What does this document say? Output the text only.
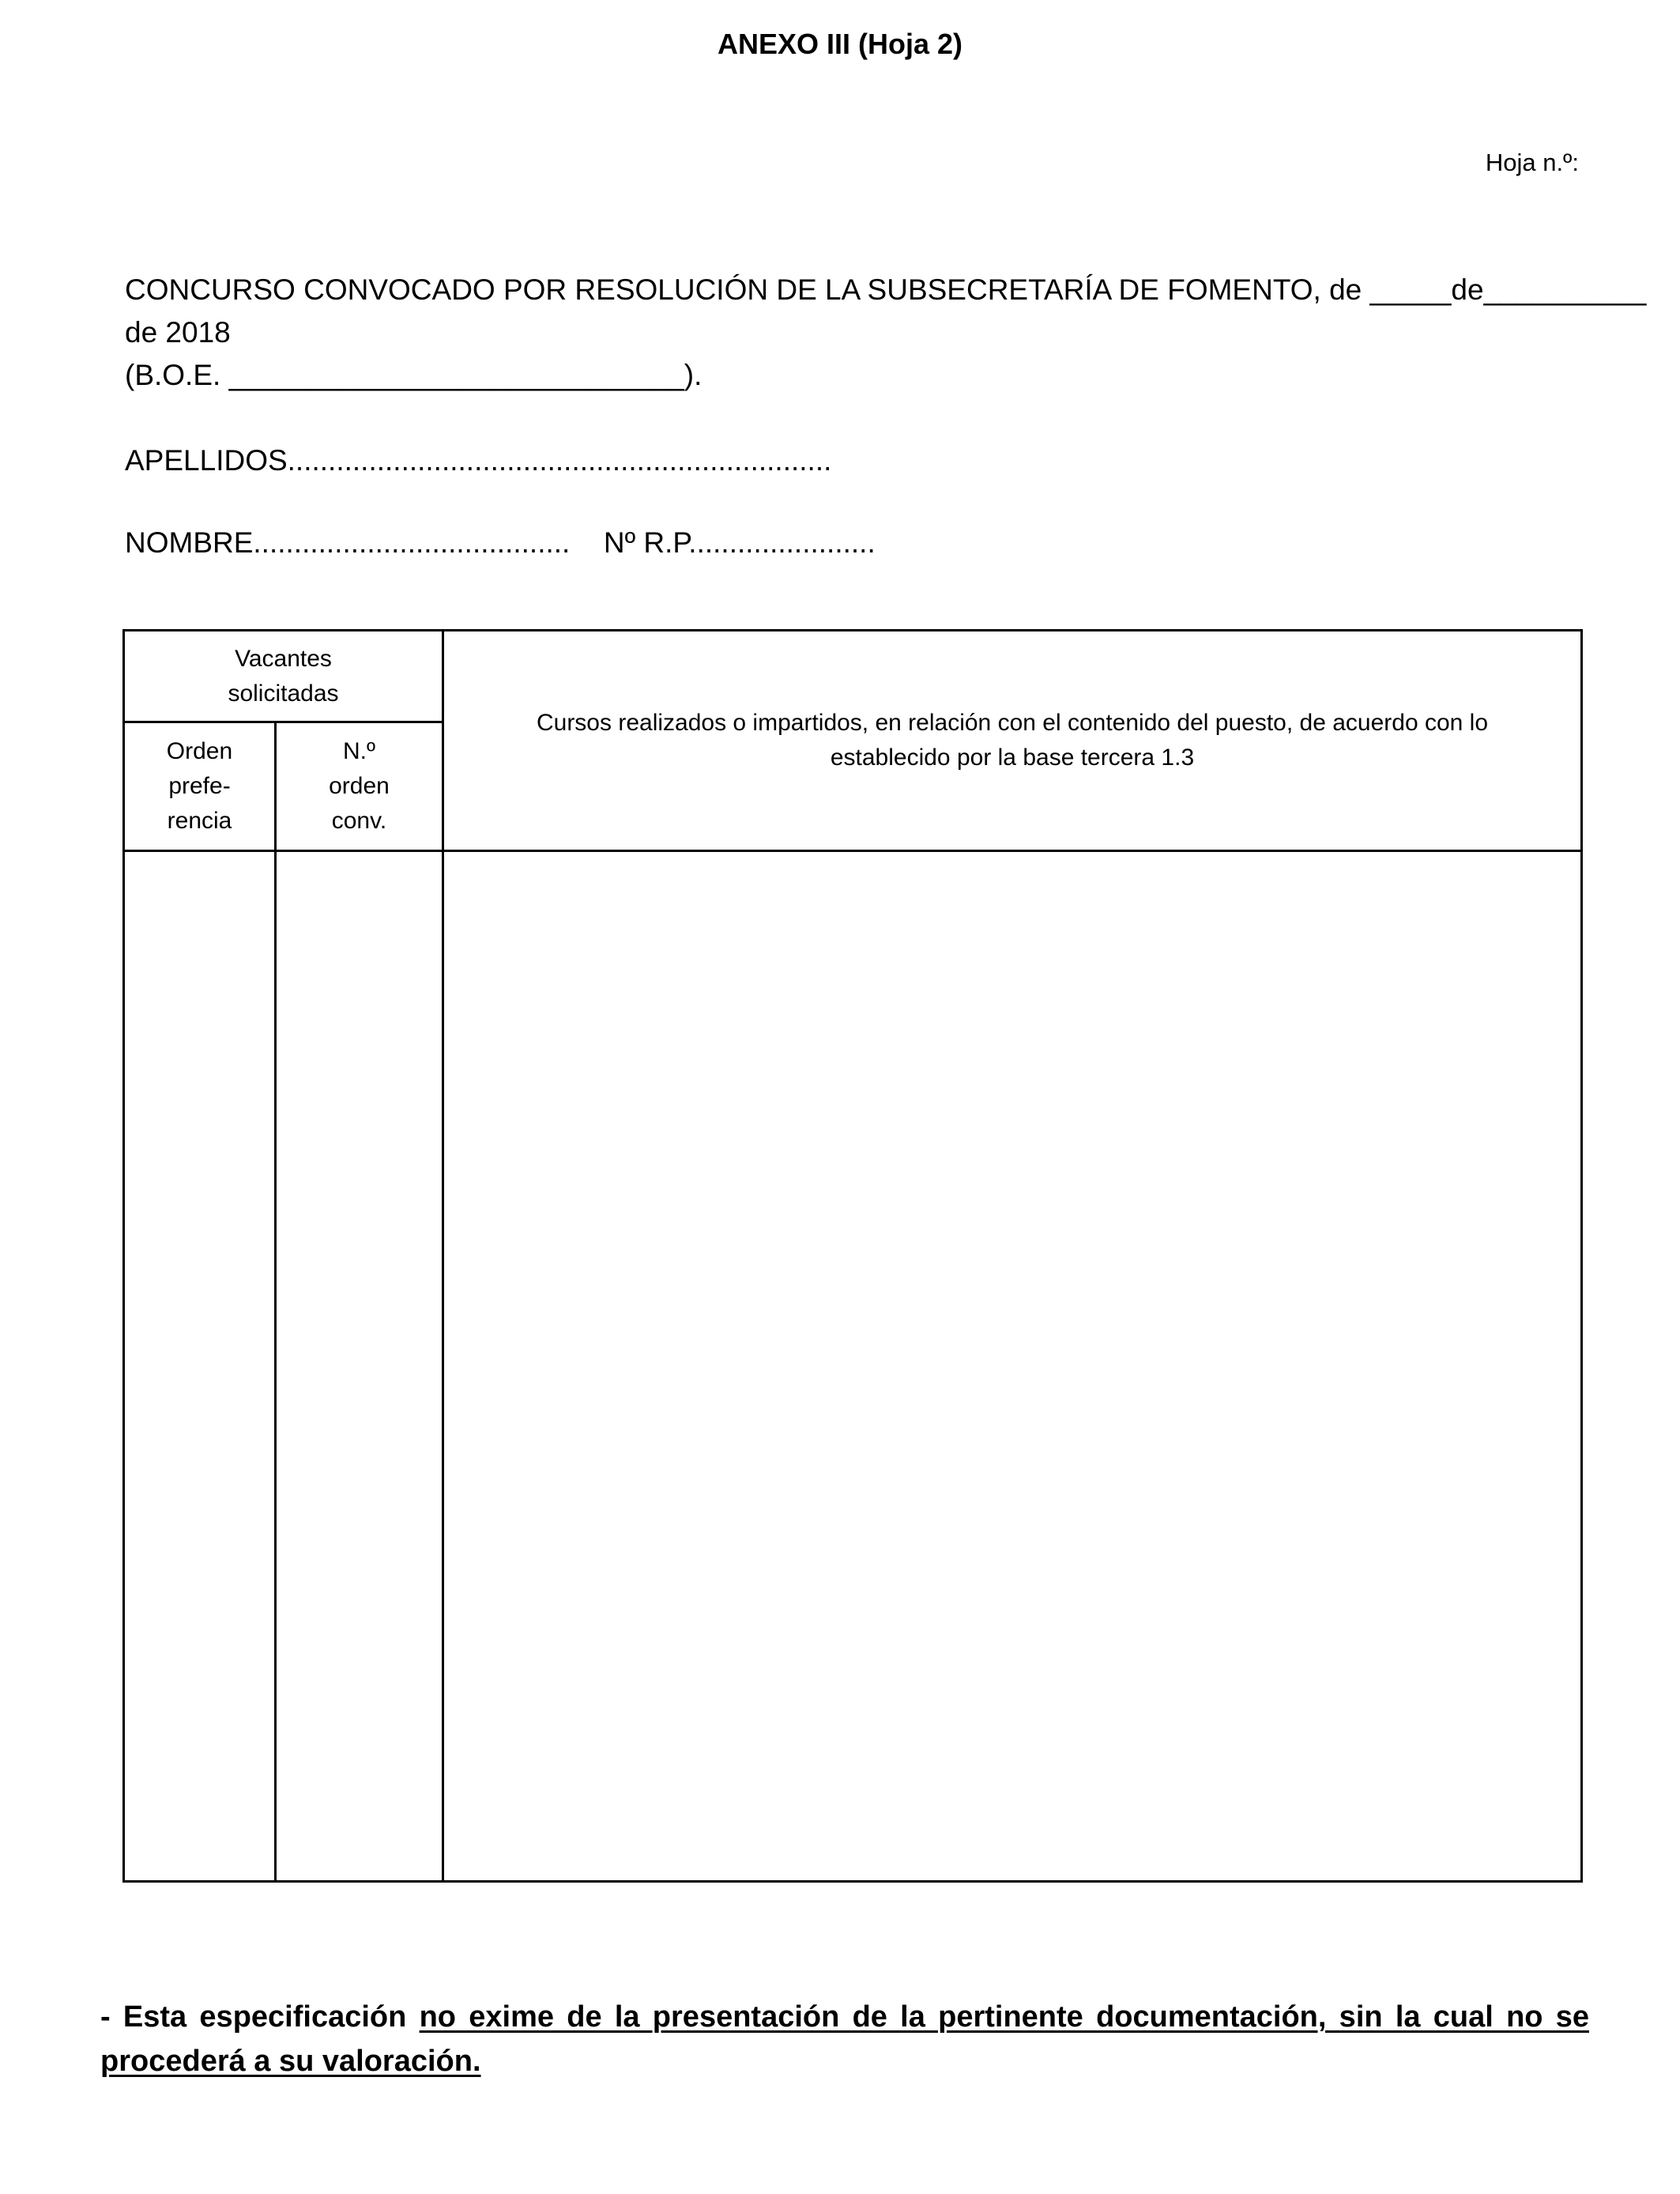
ANEXO III (Hoja 2)
Hoja n.º:

CONCURSO CONVOCADO POR RESOLUCIÓN DE LA SUBSECRETARÍA DE FOMENTO, de _____de__________

de 2018

(B.O.E. ____________________________).

APELLIDOS...................................................................
NOMBRE....................................... Nº R.P.......................
Vacantes solicitadas		Cursos realizados o impartidos, en relación con el contenido del puesto, de acuerdo con lo establecido por la base tercera 1.3
Orden prefe- rencia	N.º orden conv.	

- Esta especificación no exime de la presentación de la pertinente documentación, sin la cual no se procederá a su valoración.
